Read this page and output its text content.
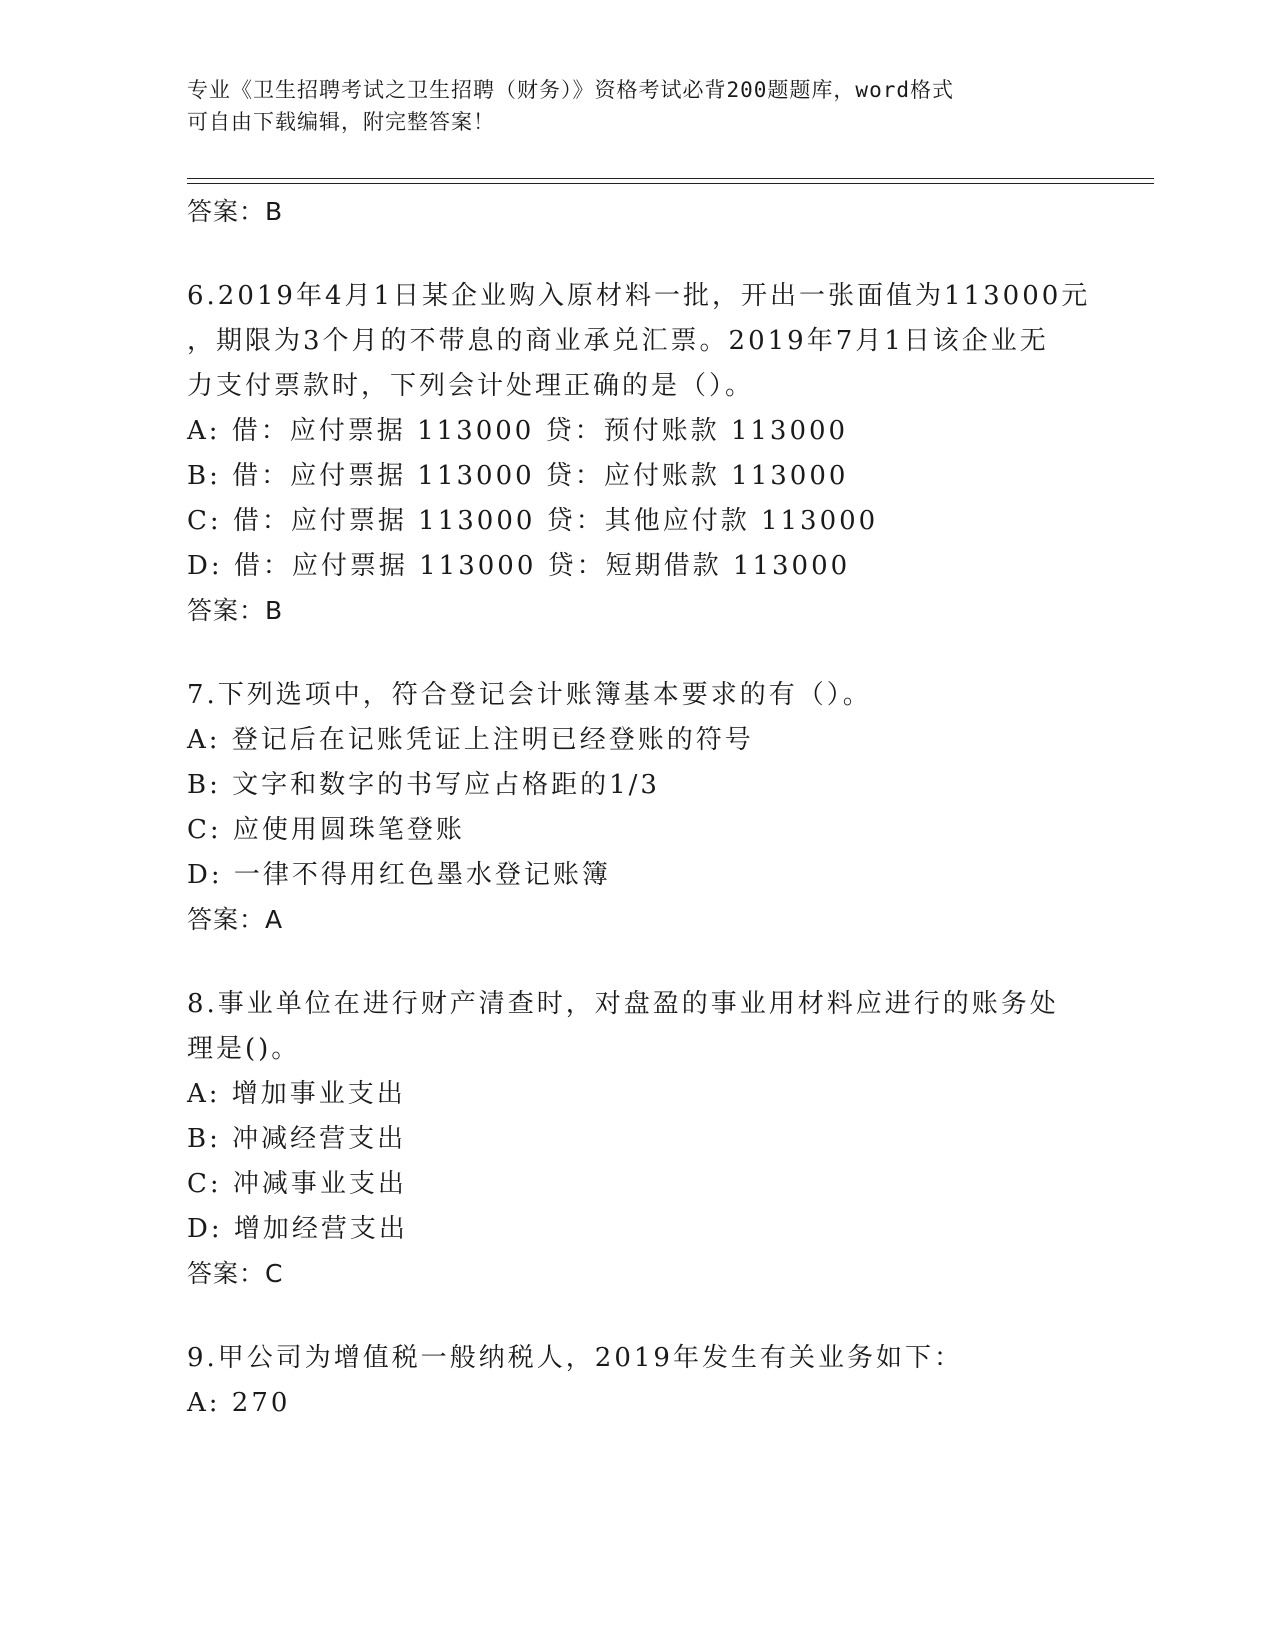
专业《卫生招聘考试之卫生招聘（财务）》资格考试必背200题题库，word格式
可自由下载编辑，附完整答案！
答案：B
6.2019年4月1日某企业购入原材料一批，开出一张面值为113000元
，期限为3个月的不带息的商业承兑汇票。2019年7月1日该企业无
力支付票款时，下列会计处理正确的是（）。
A: 借：应付票据 113000 贷：预付账款 113000
B: 借：应付票据 113000 贷：应付账款 113000
C: 借：应付票据 113000 贷：其他应付款 113000
D: 借：应付票据 113000 贷：短期借款 113000
答案：B
7.下列选项中，符合登记会计账簿基本要求的有（）。
A: 登记后在记账凭证上注明已经登账的符号
B: 文字和数字的书写应占格距的1/3
C: 应使用圆珠笔登账
D: 一律不得用红色墨水登记账簿
答案：A
8.事业单位在进行财产清查时，对盘盈的事业用材料应进行的账务处
理是()。
A: 增加事业支出
B: 冲减经营支出
C: 冲减事业支出
D: 增加经营支出
答案：C
9.甲公司为增值税一般纳税人，2019年发生有关业务如下：
A: 270
